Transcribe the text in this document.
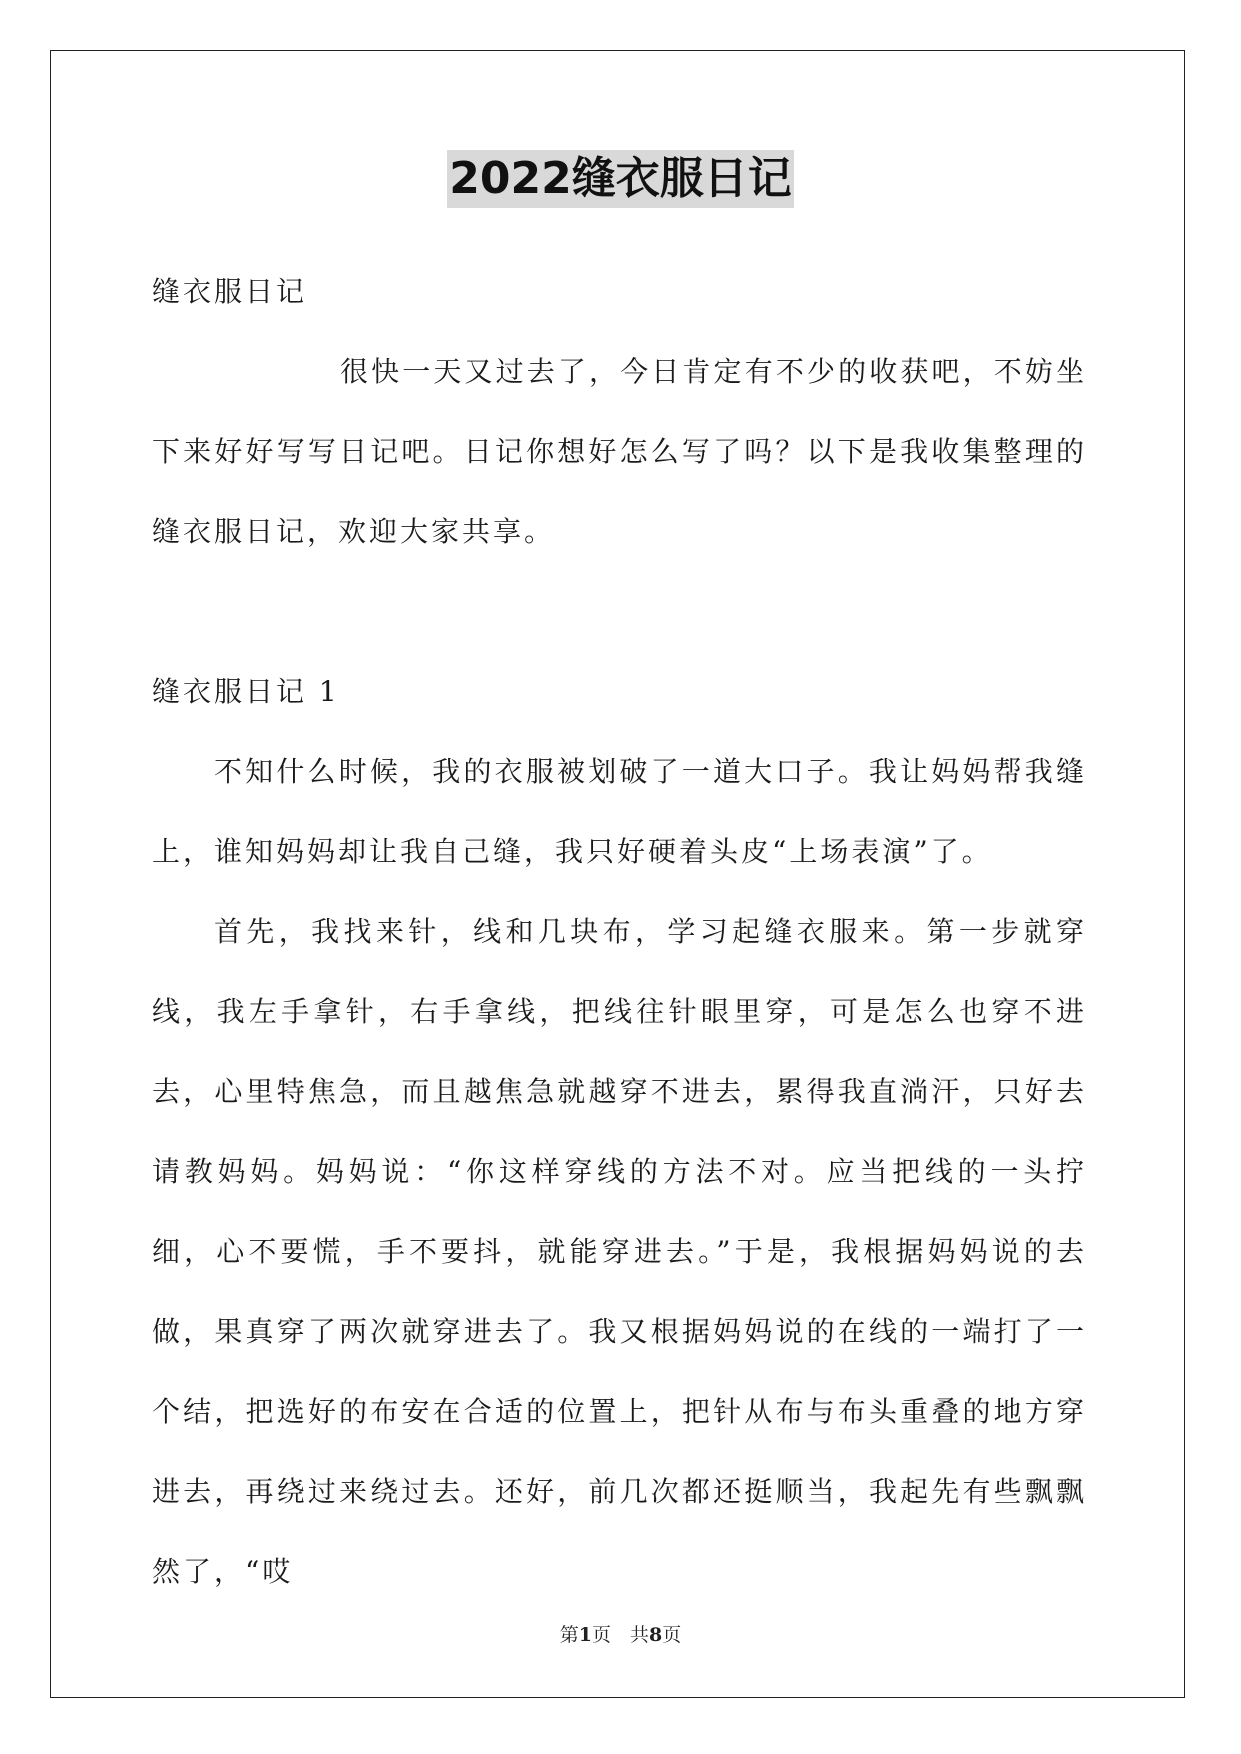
2022缝衣服日记

缝衣服日记

很快一天又过去了，今日肯定有不少的收获吧，不妨坐下来好好写写日记吧。日记你想好怎么写了吗？以下是我收集整理的缝衣服日记，欢迎大家共享。

缝衣服日记 1

不知什么时候，我的衣服被划破了一道大口子。我让妈妈帮我缝上，谁知妈妈却让我自己缝，我只好硬着头皮“上场表演”了。

首先，我找来针，线和几块布，学习起缝衣服来。第一步就穿线，我左手拿针，右手拿线，把线往针眼里穿，可是怎么也穿不进去，心里特焦急，而且越焦急就越穿不进去，累得我直淌汗，只好去请教妈妈。妈妈说：“你这样穿线的方法不对。应当把线的一头拧细，心不要慌，手不要抖，就能穿进去。”于是，我根据妈妈说的去做，果真穿了两次就穿进去了。我又根据妈妈说的在线的一端打了一个结，把选好的布安在合适的位置上，把针从布与布头重叠的地方穿进去，再绕过来绕过去。还好，前几次都还挺顺当，我起先有些飘飘然了，“哎

第1页　共8页
